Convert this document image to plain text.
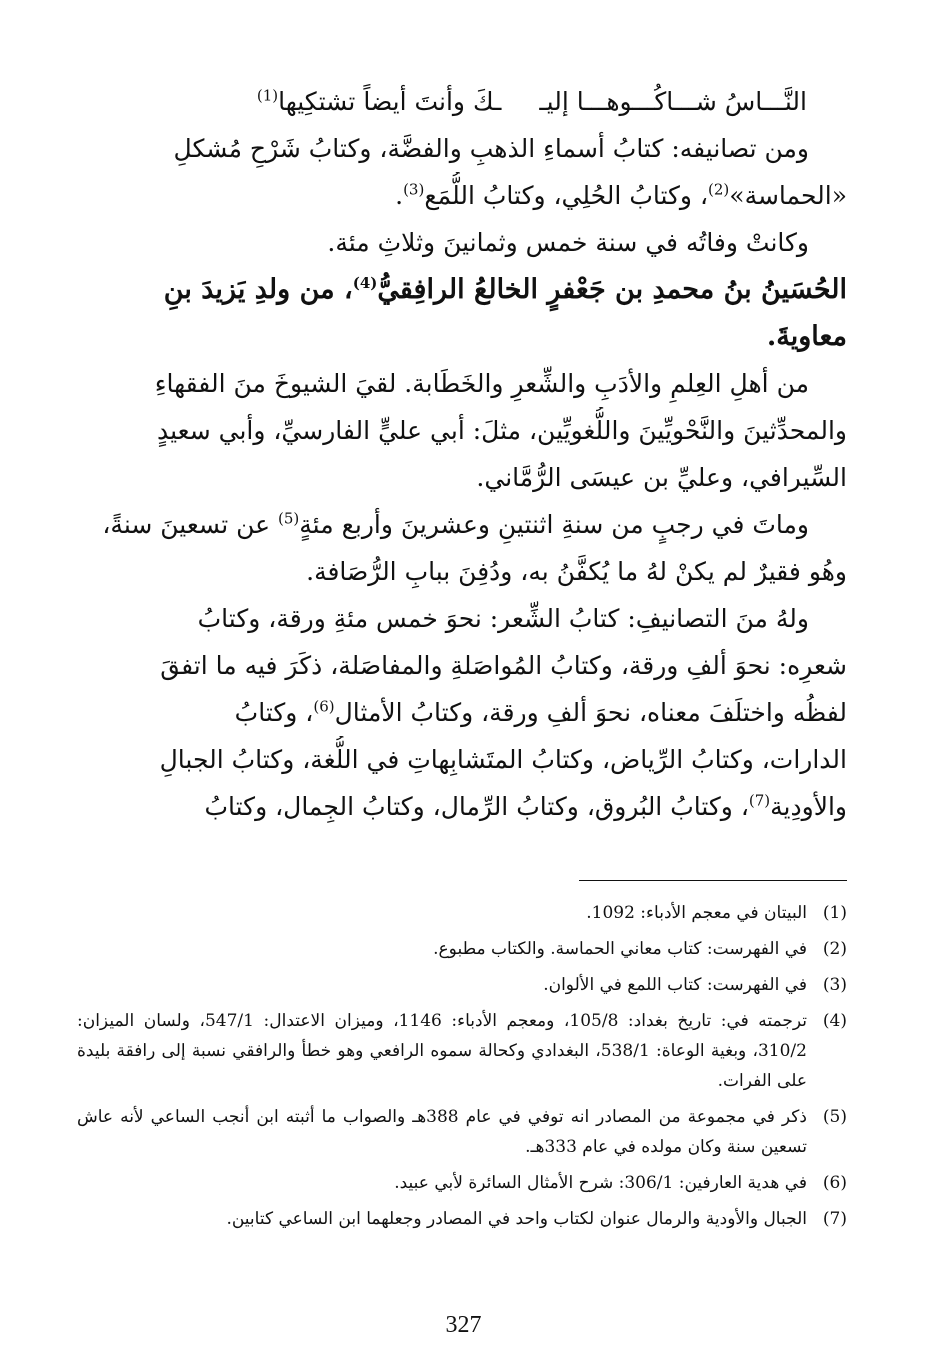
النَّـــاسُ شـــاكُـــوهـــا إليــكَ وأنتَ أيضاً تشتكِيها$^{(1)}$
ومن تصانيفه: كتابُ أسماءِ الذهبِ والفضَّة، وكتابُ شَرْحِ مُشكلِ
«الحماسة»$^{(2)}$، وكتابُ الحُلِي، وكتابُ اللُّمَع$^{(3)}$.
وكانتْ وفاتُه في سنة خمس وثمانينَ وثلاثِ مئة.
الحُسَينُ بنُ محمدِ بن جَعْفرٍ الخالعُ الرافِقيُّ$^{(4)}$، من ولدِ يَزيدَ بنِ
معاويةَ.
من أهلِ العِلمِ والأدَبِ والشِّعرِ والخَطَابة. لقيَ الشيوخَ منَ الفقهاءِ
والمحدِّثينَ والنَّحْويِّينَ واللُّغويِّين، مثلَ: أبي عليٍّ الفارسيِّ، وأبي سعيدٍ
السِّيرافي، وعليِّ بن عيسَى الرُّمَّاني.
وماتَ في رجبٍ من سنةِ اثنتينِ وعشرينَ وأربع مئةٍ$^{(5)}$ عن تسعينَ سنةً،
وهُو فقيرٌ لم يكنْ لهُ ما يُكفَّنُ به، ودُفِنَ ببابِ الرُّصَافة.
ولهُ منَ التصانيفِ: كتابُ الشِّعر: نحوَ خمس مئةِ ورقة، وكتابُ
شعرِه: نحوَ ألفِ ورقة، وكتابُ المُواصَلةِ والمفاصَلة، ذكَرَ فيه ما اتفقَ
لفظُه واختلَفَ معناه، نحوَ ألفِ ورقة، وكتابُ الأمثال$^{(6)}$، وكتابُ
الدارات، وكتابُ الرِّياض، وكتابُ المتَشابِهاتِ في اللُّغة، وكتابُ الجبالِ
والأودِية$^{(7)}$، وكتابُ البُروق، وكتابُ الرِّمال، وكتابُ الجِمال، وكتابُ
(1)
البيتان في معجم الأدباء: 1092.
(2)
في الفهرست: كتاب معاني الحماسة. والكتاب مطبوع.
(3)
في الفهرست: كتاب اللمع في الألوان.
(4)
ترجمته في: تاريخ بغداد: 105/8، ومعجم الأدباء: 1146، وميزان الاعتدال: 547/1، ولسان الميزان: 310/2، وبغية الوعاة: 538/1، البغدادي وكحالة سموه الرافعي وهو خطأ والرافقي نسبة إلى رافقة بليدة على الفرات.
(5)
ذكر في مجموعة من المصادر انه توفي في عام 388هـ والصواب ما أثبته ابن أنجب الساعي لأنه عاش تسعين سنة وكان مولده في عام 333هـ.
(6)
في هدية العارفين: 306/1: شرح الأمثال السائرة لأبي عبيد.
(7)
الجبال والأودية والرمال عنوان لكتاب واحد في المصادر وجعلهما ابن الساعي كتابين.
327
